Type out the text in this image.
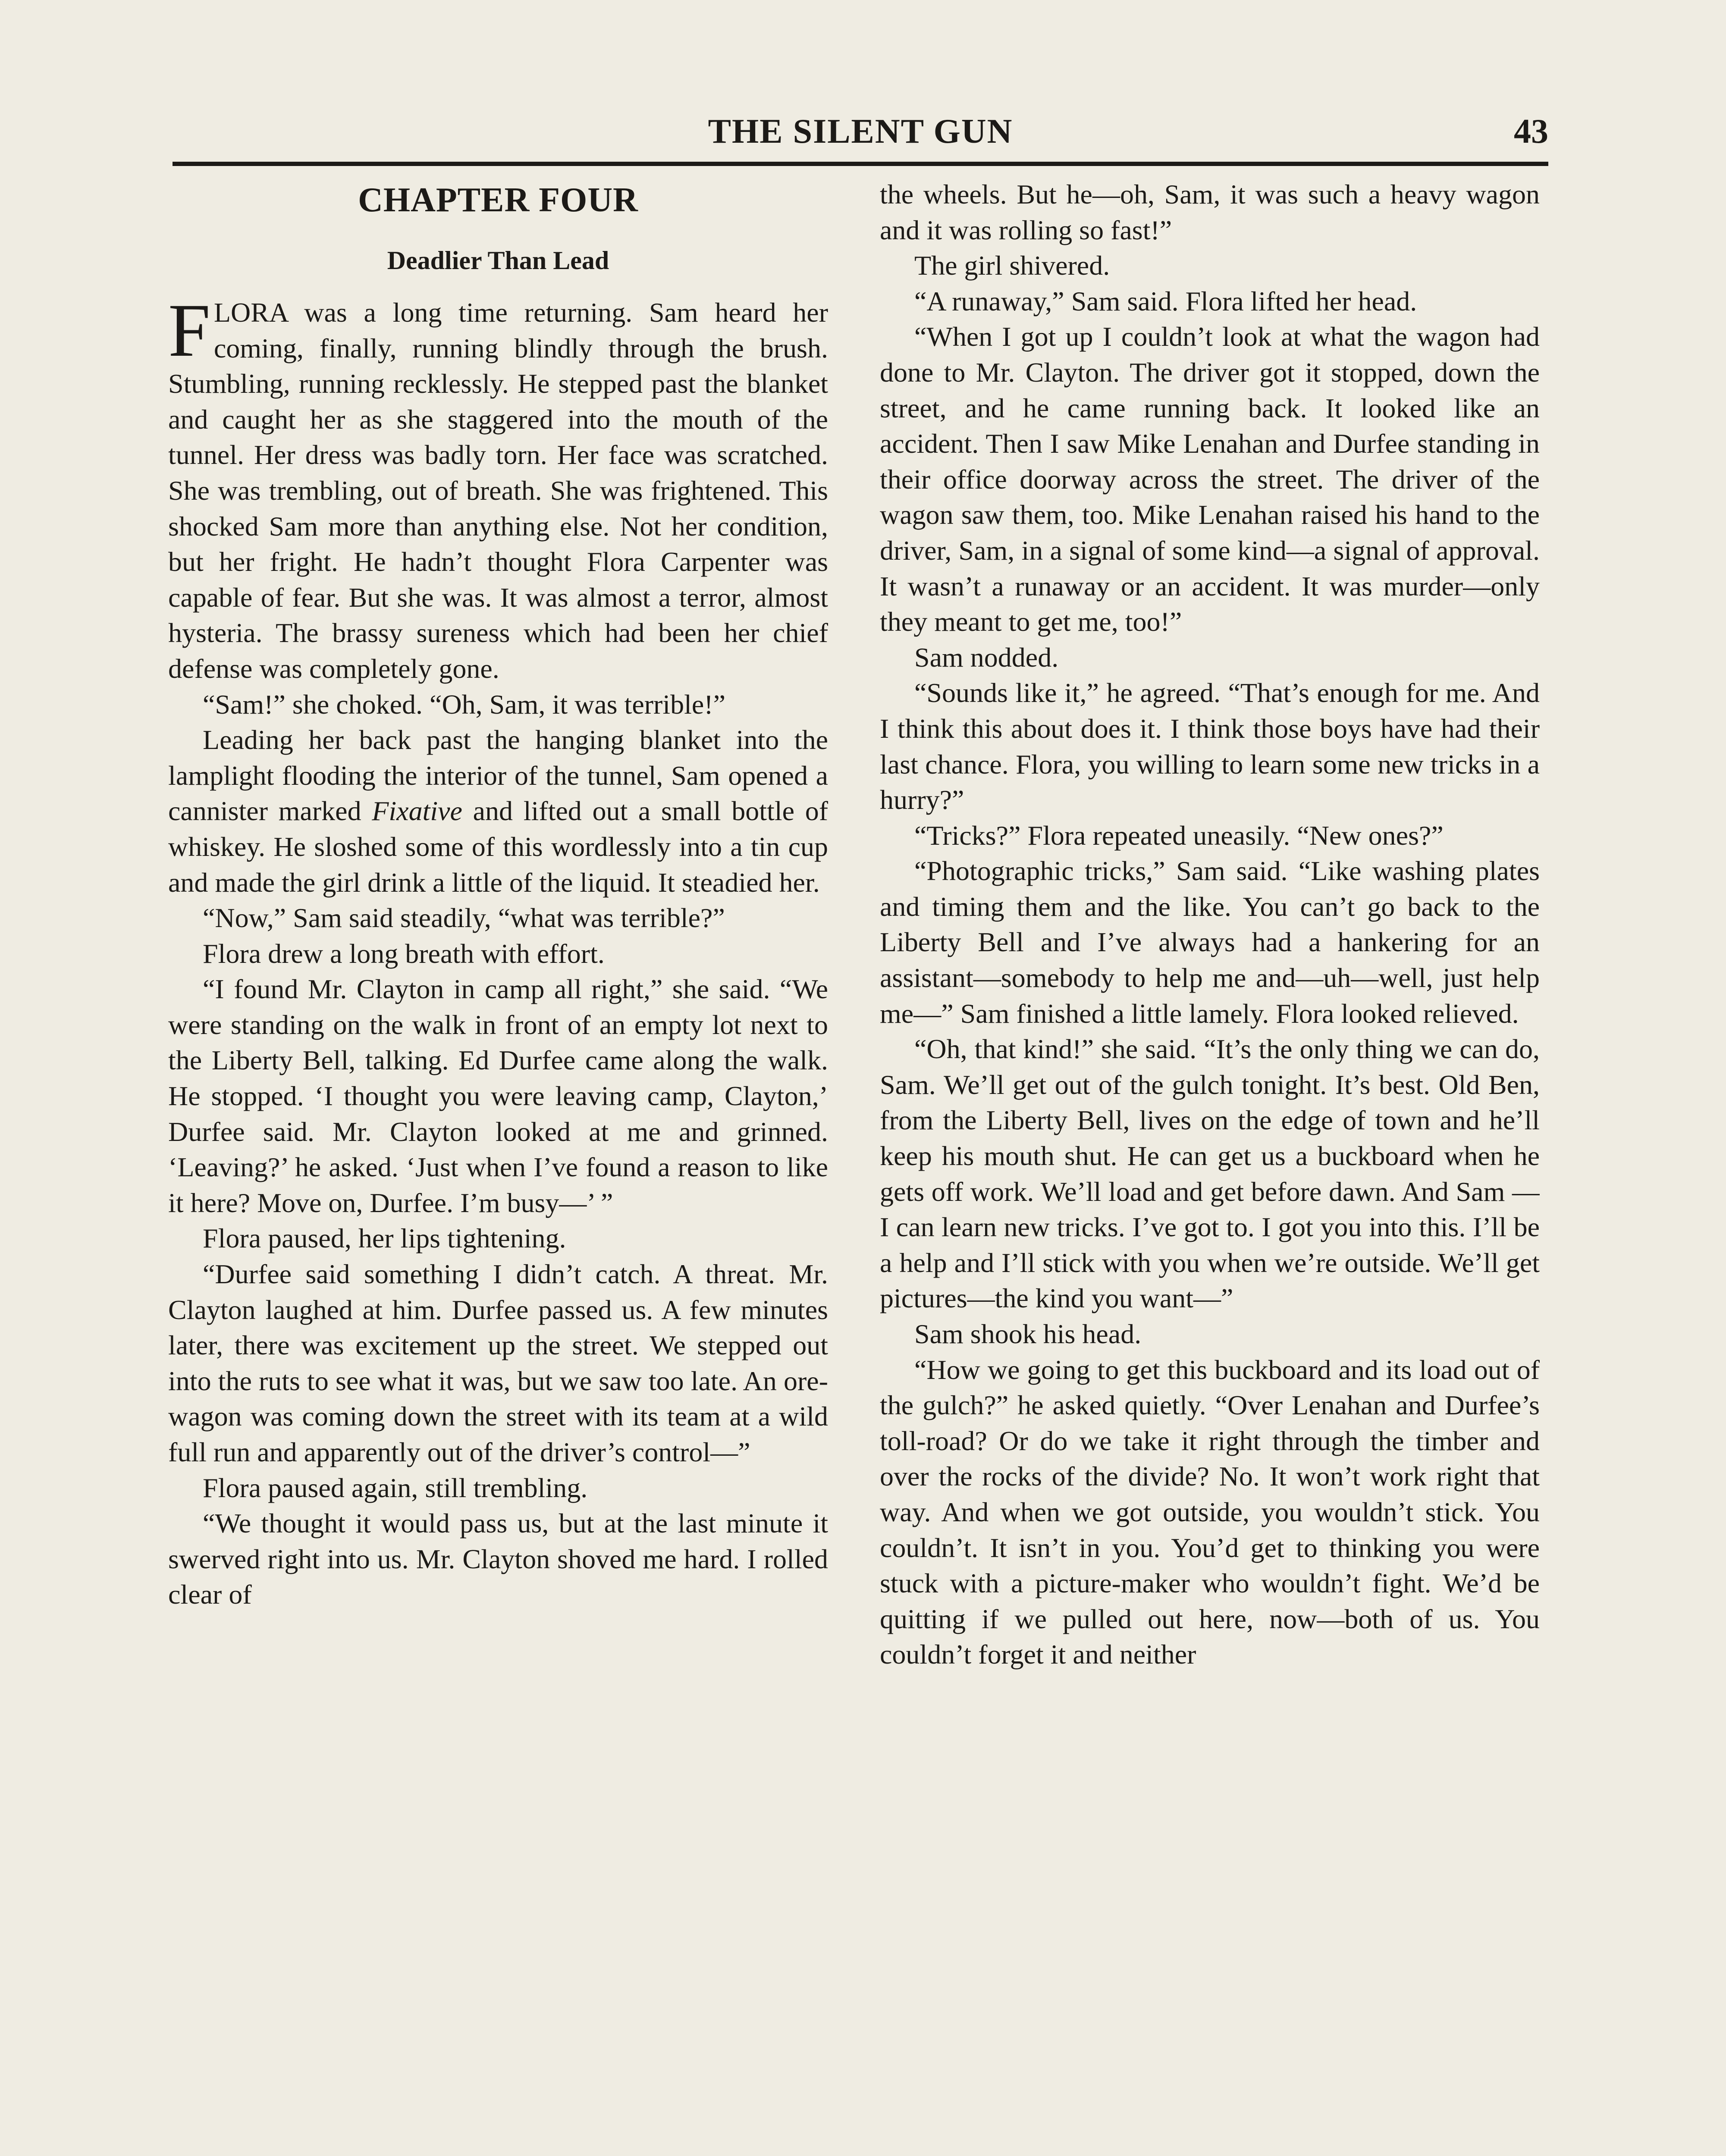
THE SILENT GUN	43
CHAPTER FOUR
Deadlier Than Lead

FLORA was a long time returning. Sam heard her coming, finally, running blindly through the brush. Stumbling, running recklessly. He stepped past the blanket and caught her as she staggered into the mouth of the tunnel. Her dress was badly torn. Her face was scratched. She was trembling, out of breath. She was frightened. This shocked Sam more than anything else. Not her condition, but her fright. He hadn’t thought Flora Carpenter was capable of fear. But she was. It was almost a terror, almost hysteria. The brassy sureness which had been her chief defense was completely gone.

“Sam!” she choked. “Oh, Sam, it was terrible!”

Leading her back past the hanging blanket into the lamplight flooding the interior of the tunnel, Sam opened a cannister marked Fixative and lifted out a small bottle of whiskey. He sloshed some of this wordlessly into a tin cup and made the girl drink a little of the liquid. It steadied her.

“Now,” Sam said steadily, “what was terrible?”

Flora drew a long breath with effort.

“I found Mr. Clayton in camp all right,” she said. “We were standing on the walk in front of an empty lot next to the Liberty Bell, talking. Ed Durfee came along the walk. He stopped. ‘I thought you were leaving camp, Clayton,’ Durfee said. Mr. Clayton looked at me and grinned. ‘Leaving?’ he asked. ‘Just when I’ve found a reason to like it here? Move on, Durfee. I’m busy—’ ”

Flora paused, her lips tightening.

“Durfee said something I didn’t catch. A threat. Mr. Clayton laughed at him. Durfee passed us. A few minutes later, there was excitement up the street. We stepped out into the ruts to see what it was, but we saw too late. An ore-wagon was coming down the street with its team at a wild full run and apparently out of the driver’s control—”

Flora paused again, still trembling.

“We thought it would pass us, but at the last minute it swerved right into us. Mr. Clayton shoved me hard. I rolled clear of

the wheels. But he—oh, Sam, it was such a heavy wagon and it was rolling so fast!”

The girl shivered.

“A runaway,” Sam said. Flora lifted her head.

“When I got up I couldn’t look at what the wagon had done to Mr. Clayton. The driver got it stopped, down the street, and he came running back. It looked like an accident. Then I saw Mike Lenahan and Durfee standing in their office doorway across the street. The driver of the wagon saw them, too. Mike Lenahan raised his hand to the driver, Sam, in a signal of some kind—a signal of approval. It wasn’t a runaway or an accident. It was murder—only they meant to get me, too!”

Sam nodded.

“Sounds like it,” he agreed. “That’s enough for me. And I think this about does it. I think those boys have had their last chance. Flora, you willing to learn some new tricks in a hurry?”

“Tricks?” Flora repeated uneasily. “New ones?”

“Photographic tricks,” Sam said. “Like washing plates and timing them and the like. You can’t go back to the Liberty Bell and I’ve always had a hankering for an assistant—somebody to help me and—uh—well, just help me—” Sam finished a little lamely. Flora looked relieved.

“Oh, that kind!” she said. “It’s the only thing we can do, Sam. We’ll get out of the gulch tonight. It’s best. Old Ben, from the Liberty Bell, lives on the edge of town and he’ll keep his mouth shut. He can get us a buckboard when he gets off work. We’ll load and get before dawn. And Sam —I can learn new tricks. I’ve got to. I got you into this. I’ll be a help and I’ll stick with you when we’re outside. We’ll get pictures—the kind you want—”

Sam shook his head.

“How we going to get this buckboard and its load out of the gulch?” he asked quietly. “Over Lenahan and Durfee’s toll-road? Or do we take it right through the timber and over the rocks of the divide? No. It won’t work right that way. And when we got outside, you wouldn’t stick. You couldn’t. It isn’t in you. You’d get to thinking you were stuck with a picture-maker who wouldn’t fight. We’d be quitting if we pulled out here, now—both of us. You couldn’t forget it and neither
